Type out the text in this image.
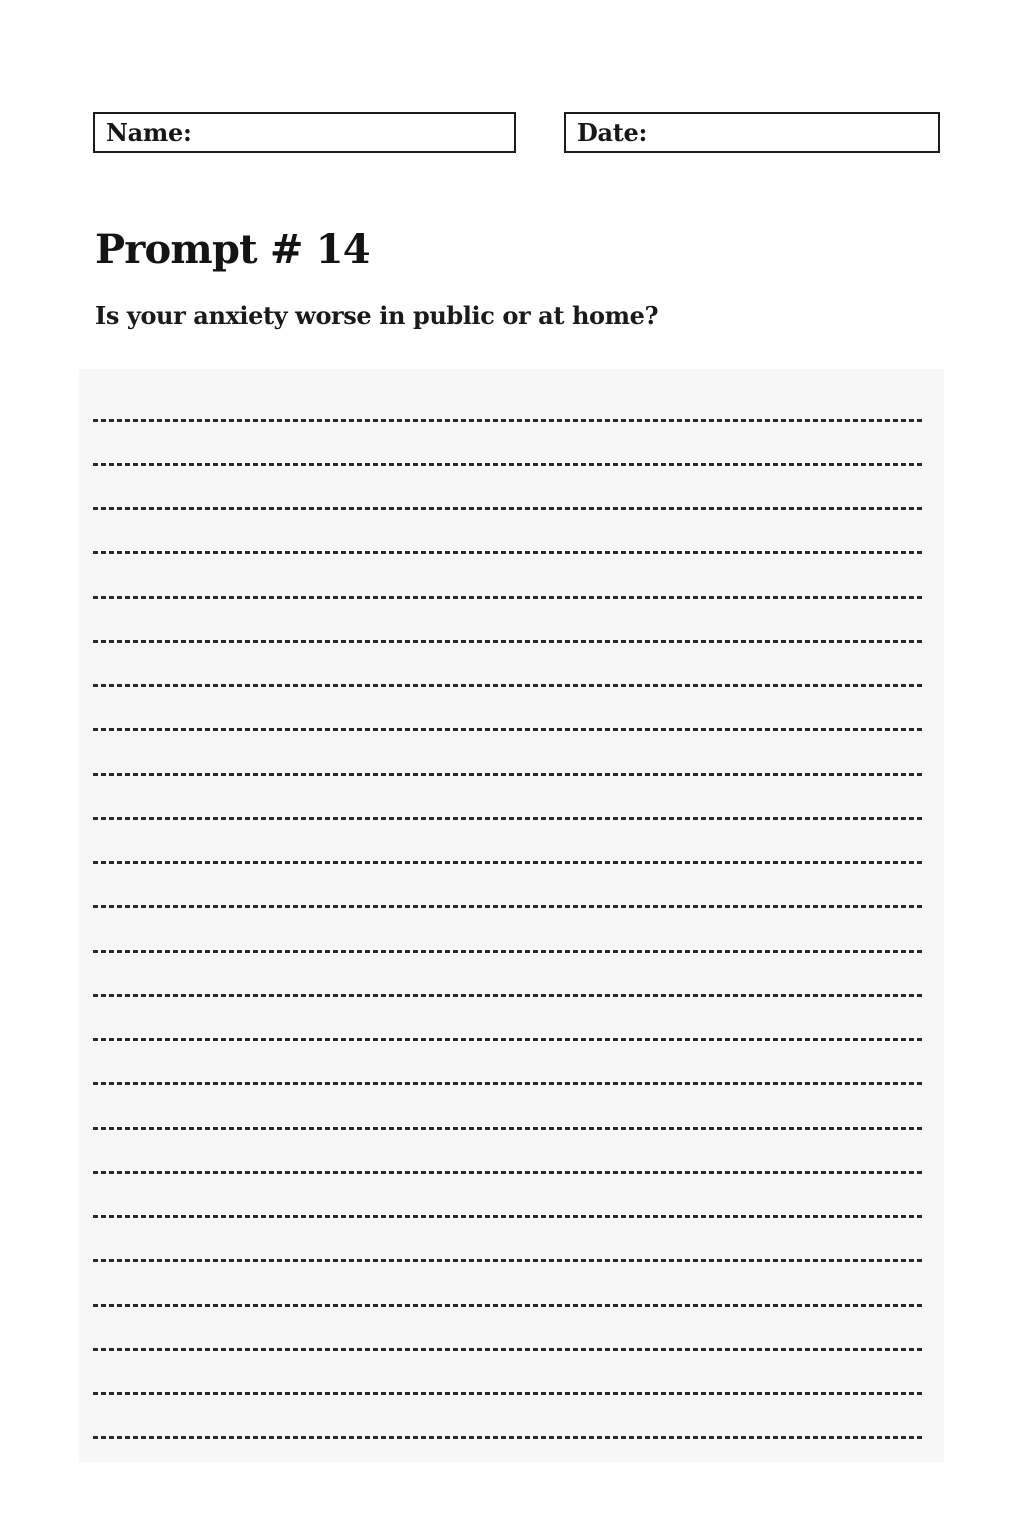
Name:	Date:
Prompt # 14
Is your anxiety worse in public or at home?
